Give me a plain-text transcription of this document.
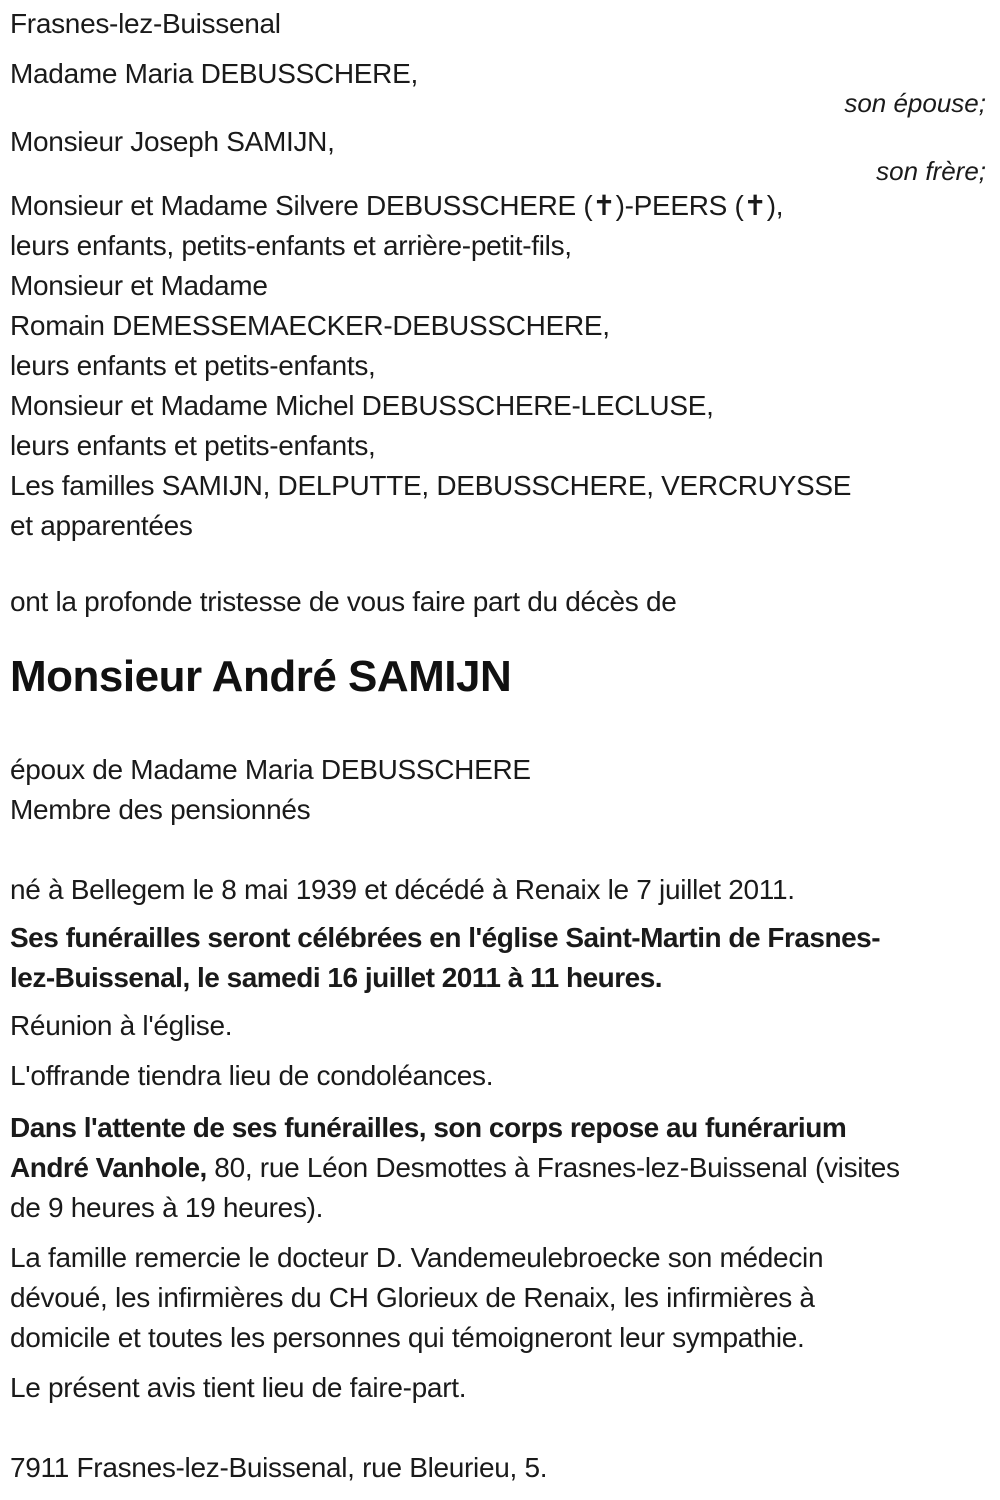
Frasnes-lez-Buissenal

Madame Maria DEBUSSCHERE,

son épouse;

Monsieur Joseph SAMIJN,

son frère;

Monsieur et Madame Silvere DEBUSSCHERE (✝)-PEERS (✝),

leurs enfants, petits-enfants et arrière-petit-fils,

Monsieur et Madame

Romain DEMESSEMAECKER-DEBUSSCHERE,

leurs enfants et petits-enfants,

Monsieur et Madame Michel DEBUSSCHERE-LECLUSE,

leurs enfants et petits-enfants,

Les familles SAMIJN, DELPUTTE, DEBUSSCHERE, VERCRUYSSE

et apparentées

ont la profonde tristesse de vous faire part du décès de

Monsieur André SAMIJN

époux de Madame Maria DEBUSSCHERE

Membre des pensionnés

né à Bellegem le 8 mai 1939 et décédé à Renaix le 7 juillet 2011.

Ses funérailles seront célébrées en l'église Saint-Martin de Frasnes-

lez-Buissenal, le samedi 16 juillet 2011 à 11 heures.

Réunion à l'église.

L'offrande tiendra lieu de condoléances.

Dans l'attente de ses funérailles, son corps repose au funérarium

André Vanhole, 80, rue Léon Desmottes à Frasnes-lez-Buissenal (visites

de 9 heures à 19 heures).

La famille remercie le docteur D. Vandemeulebroecke son médecin

dévoué, les infirmières du CH Glorieux de Renaix, les infirmières à

domicile et toutes les personnes qui témoigneront leur sympathie.

Le présent avis tient lieu de faire-part.

7911 Frasnes-lez-Buissenal, rue Bleurieu, 5.
